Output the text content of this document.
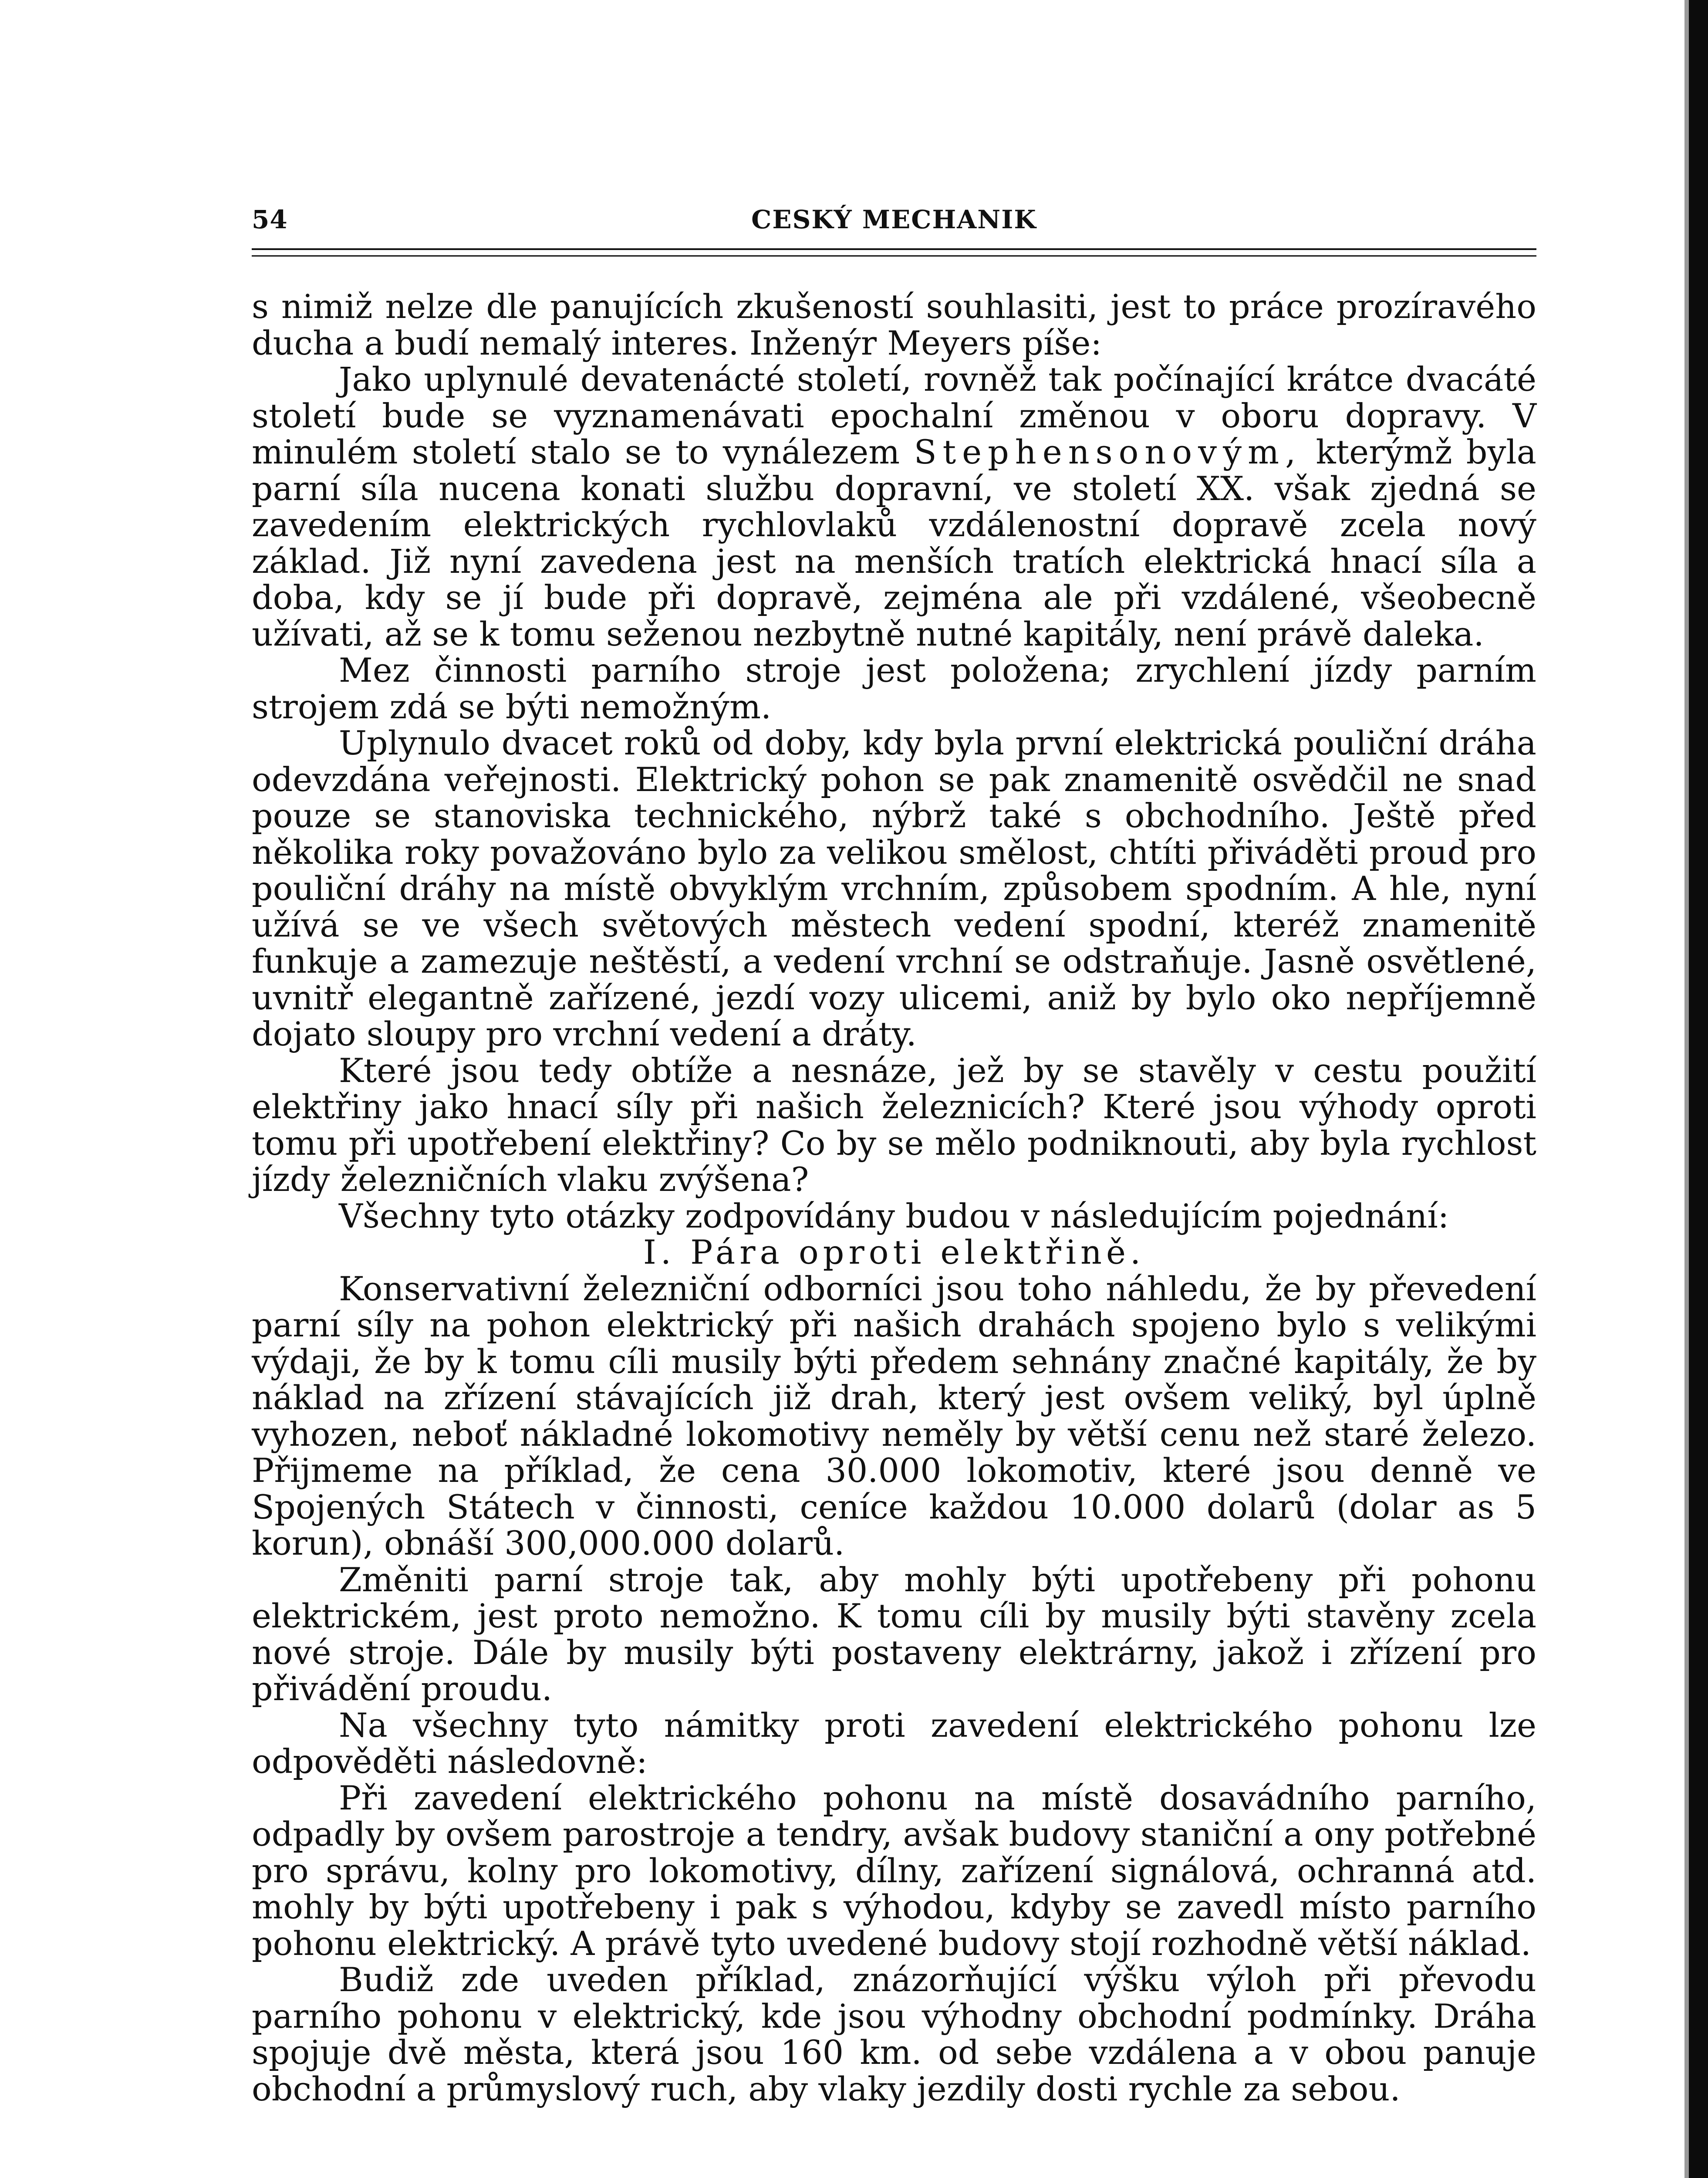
54	CESKÝ MECHANIK

s nimiž nelze dle panujících zkušeností souhlasiti, jest to práce prozíravého ducha a budí nemalý interes. Inženýr Meyers píše:

Jako uplynulé devatenácté století, rovněž tak počínající krátce dvacáté století bude se vyznamenávati epochalní změnou v oboru dopravy. V minulém století stalo se to vynálezem Stephensonovým, kterýmž byla parní síla nucena konati službu dopravní, ve století XX. však zjedná se zavedením elektrických rychlovlaků vzdálenostní dopravě zcela nový základ. Již nyní zavedena jest na menších tratích elektrická hnací síla a doba, kdy se jí bude při dopravě, zejména ale při vzdálené, všeobecně užívati, až se k tomu seženou nezbytně nutné kapitály, není právě daleka.

Mez činnosti parního stroje jest položena; zrychlení jízdy parním strojem zdá se býti nemožným.

Uplynulo dvacet roků od doby, kdy byla první elektrická pouliční dráha odevzdána veřejnosti. Elektrický pohon se pak znamenitě osvědčil ne snad pouze se stanoviska technického, nýbrž také s obchodního. Ještě před několika roky považováno bylo za velikou smělost, chtíti přiváděti proud pro pouliční dráhy na místě obvyklým vrchním, způsobem spodním. A hle, nyní užívá se ve všech světových městech vedení spodní, kteréž znamenitě funkuje a zamezuje neštěstí, a vedení vrchní se odstraňuje. Jasně osvětlené, uvnitř elegantně zařízené, jezdí vozy ulicemi, aniž by bylo oko nepříjemně dojato sloupy pro vrchní vedení a dráty.

Které jsou tedy obtíže a nesnáze, jež by se stavěly v cestu použití elektřiny jako hnací síly při našich železnicích? Které jsou výhody oproti tomu při upotřebení elektřiny? Co by se mělo podniknouti, aby byla rychlost jízdy železničních vlaku zvýšena?

Všechny tyto otázky zodpovídány budou v následujícím pojednání:

I. Pára oproti elektřině.

Konservativní železniční odborníci jsou toho náhledu, že by převedení parní síly na pohon elektrický při našich drahách spojeno bylo s velikými výdaji, že by k tomu cíli musily býti předem sehnány značné kapitály, že by náklad na zřízení stávajících již drah, který jest ovšem veliký, byl úplně vyhozen, neboť nákladné lokomotivy neměly by větší cenu než staré železo. Přijmeme na příklad, že cena 30.000 lokomotiv, které jsou denně ve Spojených Státech v činnosti, ceníce každou 10.000 dolarů (dolar as 5 korun), obnáší 300,000.000 dolarů.

Změniti parní stroje tak, aby mohly býti upotřebeny při pohonu elektrickém, jest proto nemožno. K tomu cíli by musily býti stavěny zcela nové stroje. Dále by musily býti postaveny elektrárny, jakož i zřízení pro přivádění proudu.

Na všechny tyto námitky proti zavedení elektrického pohonu lze odpověděti následovně:

Při zavedení elektrického pohonu na místě dosavádního parního, odpadly by ovšem parostroje a tendry, avšak budovy staniční a ony potřebné pro správu, kolny pro lokomotivy, dílny, zařízení signálová, ochranná atd. mohly by býti upotřebeny i pak s výhodou, kdyby se zavedl místo parního pohonu elektrický. A právě tyto uvedené budovy stojí rozhodně větší náklad.

Budiž zde uveden příklad, znázorňující výšku výloh při převodu parního pohonu v elektrický, kde jsou výhodny obchodní podmínky. Dráha spojuje dvě města, která jsou 160 km. od sebe vzdálena a v obou panuje obchodní a průmyslový ruch, aby vlaky jezdily dosti rychle za sebou.
